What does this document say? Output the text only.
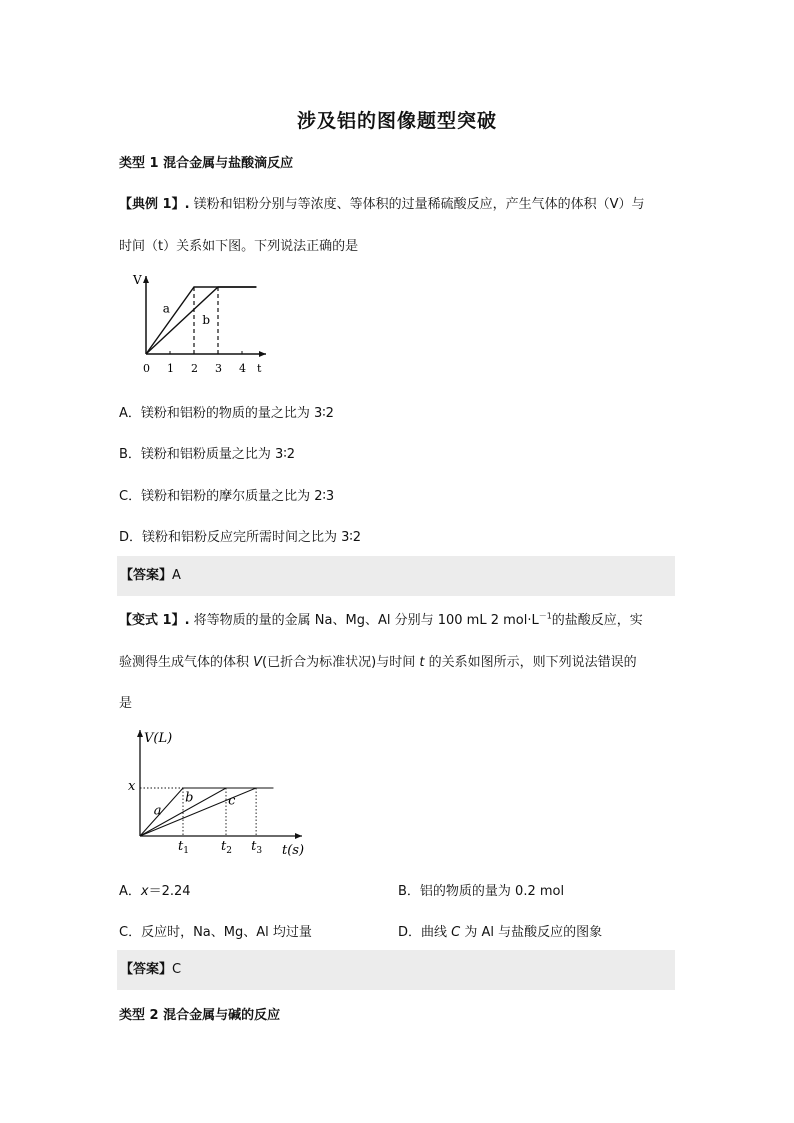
涉及铝的图像题型突破
类型 1 混合金属与盐酸滴反应
【典例 1】. 镁粉和铝粉分别与等浓度、等体积的过量稀硫酸反应，产生气体的体积（V）与
时间（t）关系如下图。下列说法正确的是
V
t
0 1 2 3 4
a
b
A．镁粉和铝粉的物质的量之比为 3∶2
B．镁粉和铝粉质量之比为 3∶2
C．镁粉和铝粉的摩尔质量之比为 2∶3
D．镁粉和铝粉反应完所需时间之比为 3∶2
【答案】A
【变式 1】. 将等物质的量的金属 Na、Mg、Al 分别与 100 mL 2 $mol\cdot L^{-1}$的盐酸反应，实
验测得生成气体的体积 V(已折合为标准状况)与时间 t 的关系如图所示，则下列说法错误的
是
V(L)
t(s)
x
$t_1$ $t_2$ $t_3$
a
b	c
A．x＝2.24	B．铝的物质的量为 0.2 mol
C．反应时，Na、Mg、Al 均过量	D．曲线 C 为 Al 与盐酸反应的图象
【答案】C
类型 2 混合金属与碱的反应
